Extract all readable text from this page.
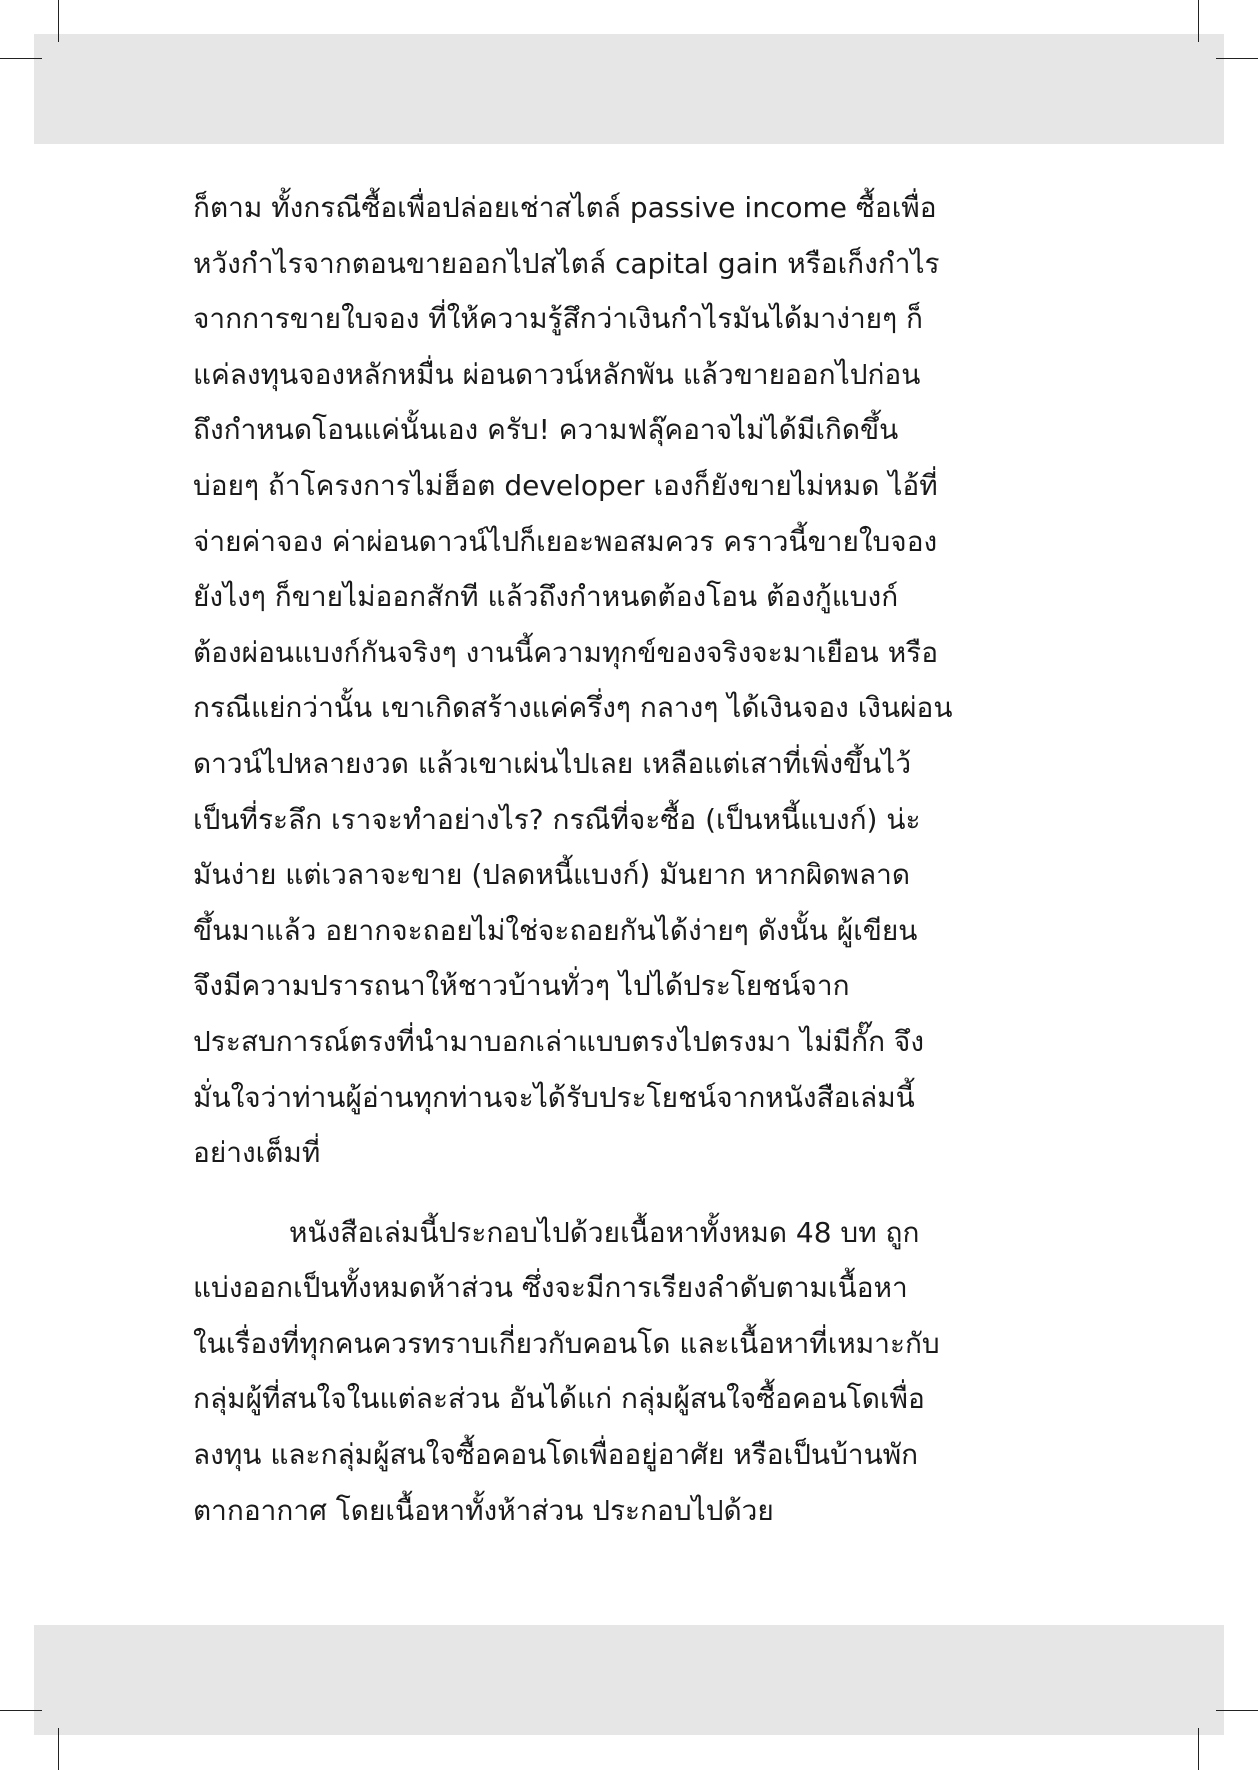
ก็ตาม ทั้งกรณีซื้อเพื่อปล่อยเช่าสไตล์ passive income ซื้อเพื่อ
หวังกำไรจากตอนขายออกไปสไตล์ capital gain หรือเก็งกำไร
จากการขายใบจอง ที่ให้ความรู้สึกว่าเงินกำไรมันได้มาง่ายๆ ก็
แค่ลงทุนจองหลักหมื่น ผ่อนดาวน์หลักพัน แล้วขายออกไปก่อน
ถึงกำหนดโอนแค่นั้นเอง ครับ! ความฟลุ๊คอาจไม่ได้มีเกิดขึ้น
บ่อยๆ ถ้าโครงการไม่ฮ็อต developer เองก็ยังขายไม่หมด ไอ้ที่
จ่ายค่าจอง ค่าผ่อนดาวน์ไปก็เยอะพอสมควร คราวนี้ขายใบจอง
ยังไงๆ ก็ขายไม่ออกสักที แล้วถึงกำหนดต้องโอน ต้องกู้แบงก์
ต้องผ่อนแบงก์กันจริงๆ งานนี้ความทุกข์ของจริงจะมาเยือน หรือ
กรณีแย่กว่านั้น เขาเกิดสร้างแค่ครึ่งๆ กลางๆ ได้เงินจอง เงินผ่อน
ดาวน์ไปหลายงวด แล้วเขาเผ่นไปเลย เหลือแต่เสาที่เพิ่งขึ้นไว้
เป็นที่ระลึก เราจะทำอย่างไร? กรณีที่จะซื้อ (เป็นหนี้แบงก์) น่ะ
มันง่าย แต่เวลาจะขาย (ปลดหนี้แบงก์) มันยาก หากผิดพลาด
ขึ้นมาแล้ว อยากจะถอยไม่ใช่จะถอยกันได้ง่ายๆ ดังนั้น ผู้เขียน
จึงมีความปรารถนาให้ชาวบ้านทั่วๆ ไปได้ประโยชน์จาก
ประสบการณ์ตรงที่นำมาบอกเล่าแบบตรงไปตรงมา ไม่มีกั๊ก จึง
มั่นใจว่าท่านผู้อ่านทุกท่านจะได้รับประโยชน์จากหนังสือเล่มนี้
อย่างเต็มที่
หนังสือเล่มนี้ประกอบไปด้วยเนื้อหาทั้งหมด 48 บท ถูก
แบ่งออกเป็นทั้งหมดห้าส่วน ซึ่งจะมีการเรียงลำดับตามเนื้อหา
ในเรื่องที่ทุกคนควรทราบเกี่ยวกับคอนโด และเนื้อหาที่เหมาะกับ
กลุ่มผู้ที่สนใจในแต่ละส่วน อันได้แก่ กลุ่มผู้สนใจซื้อคอนโดเพื่อ
ลงทุน และกลุ่มผู้สนใจซื้อคอนโดเพื่ออยู่อาศัย หรือเป็นบ้านพัก
ตากอากาศ โดยเนื้อหาทั้งห้าส่วน ประกอบไปด้วย
